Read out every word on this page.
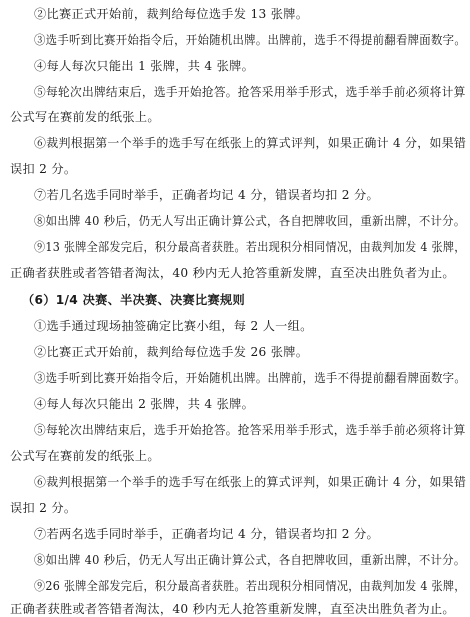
②比赛正式开始前，裁判给每位选手发 13 张牌。
③选手听到比赛开始指令后，开始随机出牌。出牌前，选手不得提前翻看牌面数字。
④每人每次只能出 1 张牌，共 4 张牌。
⑤每轮次出牌结束后，选手开始抢答。抢答采用举手形式，选手举手前必须将计算
公式写在赛前发的纸张上。
⑥裁判根据第一个举手的选手写在纸张上的算式评判，如果正确计 4 分，如果错
误扣 2 分。
⑦若几名选手同时举手，正确者均记 4 分，错误者均扣 2 分。
⑧如出牌 40 秒后，仍无人写出正确计算公式，各自把牌收回，重新出牌，不计分。
⑨13 张牌全部发完后，积分最高者获胜。若出现积分相同情况，由裁判加发 4 张牌，
正确者获胜或者答错者淘汰，40 秒内无人抢答重新发牌，直至决出胜负者为止。
（6）1/4 决赛、半决赛、决赛比赛规则
①选手通过现场抽签确定比赛小组，每 2 人一组。
②比赛正式开始前，裁判给每位选手发 26 张牌。
③选手听到比赛开始指令后，开始随机出牌。出牌前，选手不得提前翻看牌面数字。
④每人每次只能出 2 张牌，共 4 张牌。
⑤每轮次出牌结束后，选手开始抢答。抢答采用举手形式，选手举手前必须将计算
公式写在赛前发的纸张上。
⑥裁判根据第一个举手的选手写在纸张上的算式评判，如果正确计 4 分，如果错
误扣 2 分。
⑦若两名选手同时举手，正确者均记 4 分，错误者均扣 2 分。
⑧如出牌 40 秒后，仍无人写出正确计算公式，各自把牌收回，重新出牌，不计分。
⑨26 张牌全部发完后，积分最高者获胜。若出现积分相同情况，由裁判加发 4 张牌，
正确者获胜或者答错者淘汰，40 秒内无人抢答重新发牌，直至决出胜负者为止。
